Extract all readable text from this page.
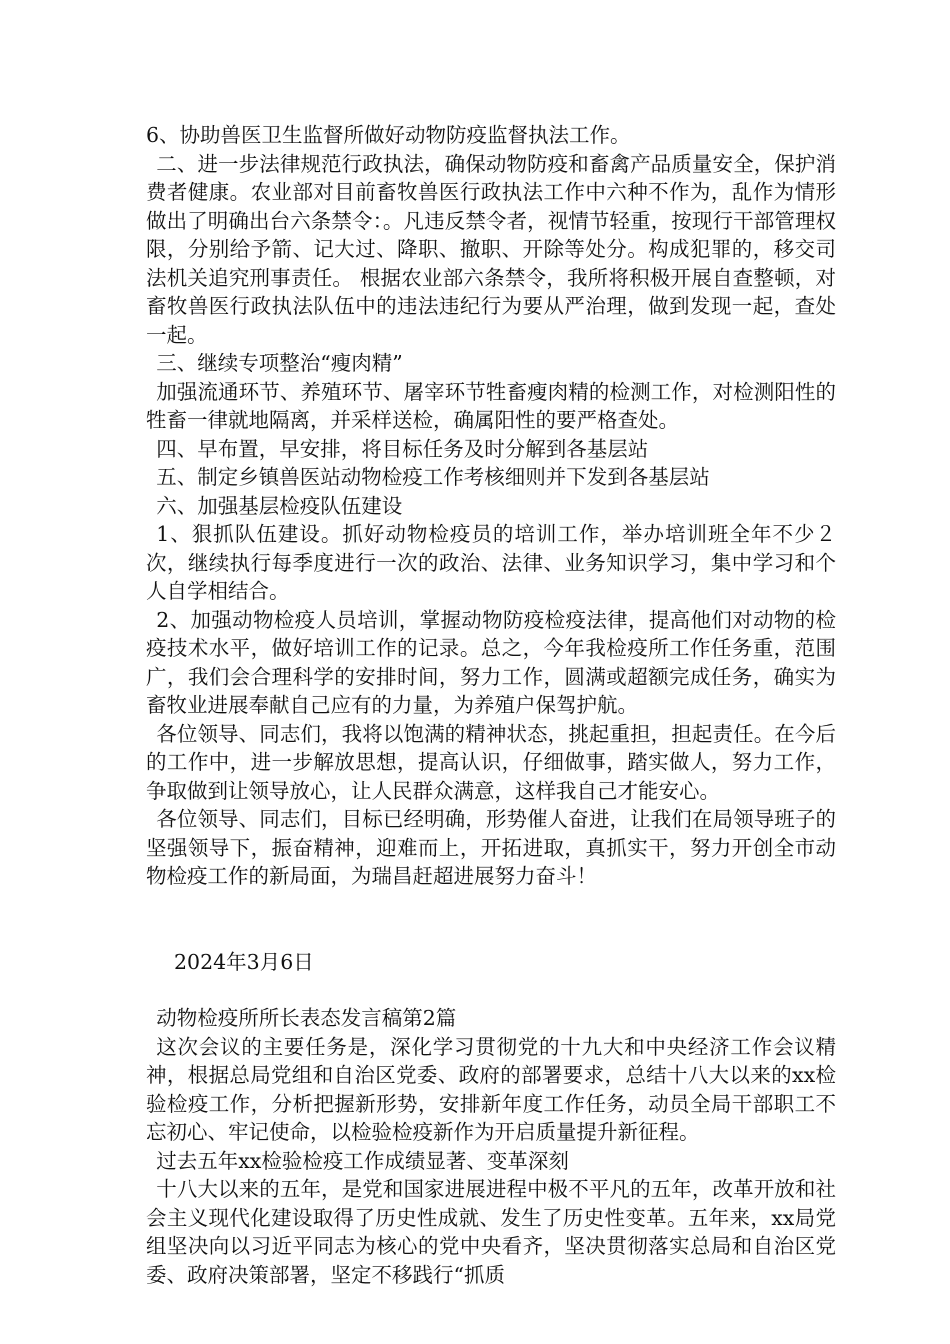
6、协助兽医卫生监督所做好动物防疫监督执法工作。

二、进一步法律规范行政执法，确保动物防疫和畜禽产品质量安全，保护消费者健康。农业部对目前畜牧兽医行政执法工作中六种不作为，乱作为情形做出了明确出台六条禁令：。凡违反禁令者，视情节轻重，按现行干部管理权限，分别给予箭、记大过、降职、撤职、开除等处分。构成犯罪的，移交司法机关追究刑事责任。 根据农业部六条禁令，我所将积极开展自查整顿，对畜牧兽医行政执法队伍中的违法违纪行为要从严治理，做到发现一起，查处一起。

三、继续专项整治“瘦肉精”

加强流通环节、养殖环节、屠宰环节牲畜瘦肉精的检测工作，对检测阳性的牲畜一律就地隔离，并采样送检，确属阳性的要严格查处。

四、早布置，早安排，将目标任务及时分解到各基层站

五、制定乡镇兽医站动物检疫工作考核细则并下发到各基层站

六、加强基层检疫队伍建设

1、狠抓队伍建设。抓好动物检疫员的培训工作，举办培训班全年不少２次，继续执行每季度进行一次的政治、法律、业务知识学习，集中学习和个人自学相结合。

2、加强动物检疫人员培训，掌握动物防疫检疫法律，提高他们对动物的检疫技术水平，做好培训工作的记录。总之，今年我检疫所工作任务重，范围广，我们会合理科学的安排时间，努力工作，圆满或超额完成任务，确实为畜牧业进展奉献自己应有的力量，为养殖户保驾护航。

各位领导、同志们，我将以饱满的精神状态，挑起重担，担起责任。在今后的工作中，进一步解放思想，提高认识，仔细做事，踏实做人，努力工作，争取做到让领导放心，让人民群众满意，这样我自己才能安心。

各位领导、同志们，目标已经明确，形势催人奋进，让我们在局领导班子的坚强领导下，振奋精神，迎难而上，开拓进取，真抓实干，努力开创全市动物检疫工作的新局面，为瑞昌赶超进展努力奋斗！

2024年3月6日

动物检疫所所长表态发言稿第2篇

这次会议的主要任务是，深化学习贯彻党的十九大和中央经济工作会议精神，根据总局党组和自治区党委、政府的部署要求，总结十八大以来的xx检验检疫工作，分析把握新形势，安排新年度工作任务，动员全局干部职工不忘初心、牢记使命，以检验检疫新作为开启质量提升新征程。

过去五年xx检验检疫工作成绩显著、变革深刻

十八大以来的五年，是党和国家进展进程中极不平凡的五年，改革开放和社会主义现代化建设取得了历史性成就、发生了历史性变革。五年来，xx局党组坚决向以习近平同志为核心的党中央看齐，坚决贯彻落实总局和自治区党委、政府决策部署，坚定不移践行“抓质
